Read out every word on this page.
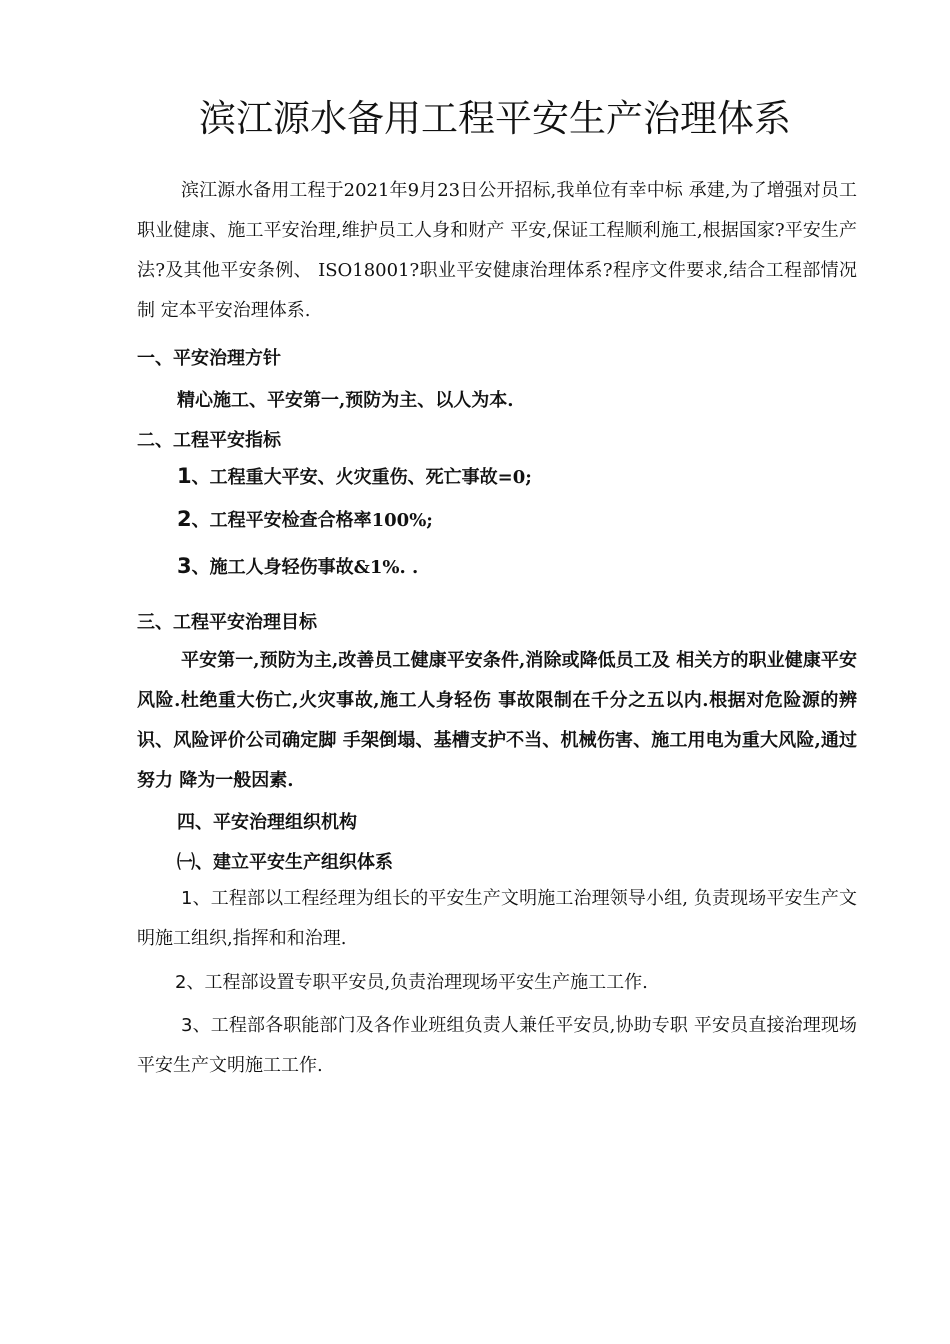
滨江源水备用工程平安生产治理体系

滨江源水备用工程于2021年9月23日公开招标,我单位有幸中标 承建,为了增强对员工职业健康、施工平安治理,维护员工人身和财产 平安,保证工程顺利施工,根据国家?平安生产法?及其他平安条例、 ISO18001?职业平安健康治理体系?程序文件要求,结合工程部情况制 定本平安治理体系.

一、平安治理方针

精心施工、平安第一,预防为主、以人为本.

二、工程平安指标

1、工程重大平安、火灾重伤、死亡事故=0;

2、工程平安检查合格率100%;

3、施工人身轻伤事故&1%. .

三、工程平安治理目标

平安第一,预防为主,改善员工健康平安条件,消除或降低员工及 相关方的职业健康平安风险.杜绝重大伤亡,火灾事故,施工人身轻伤 事故限制在千分之五以内.根据对危险源的辨识、风险评价公司确定脚 手架倒塌、基槽支护不当、机械伤害、施工用电为重大风险,通过努力 降为一般因素.

四、平安治理组织机构

㈠、建立平安生产组织体系

1、工程部以工程经理为组长的平安生产文明施工治理领导小组, 负责现场平安生产文明施工组织,指挥和和治理.

2、工程部设置专职平安员,负责治理现场平安生产施工工作.

3、工程部各职能部门及各作业班组负责人兼任平安员,协助专职 平安员直接治理现场平安生产文明施工工作.
